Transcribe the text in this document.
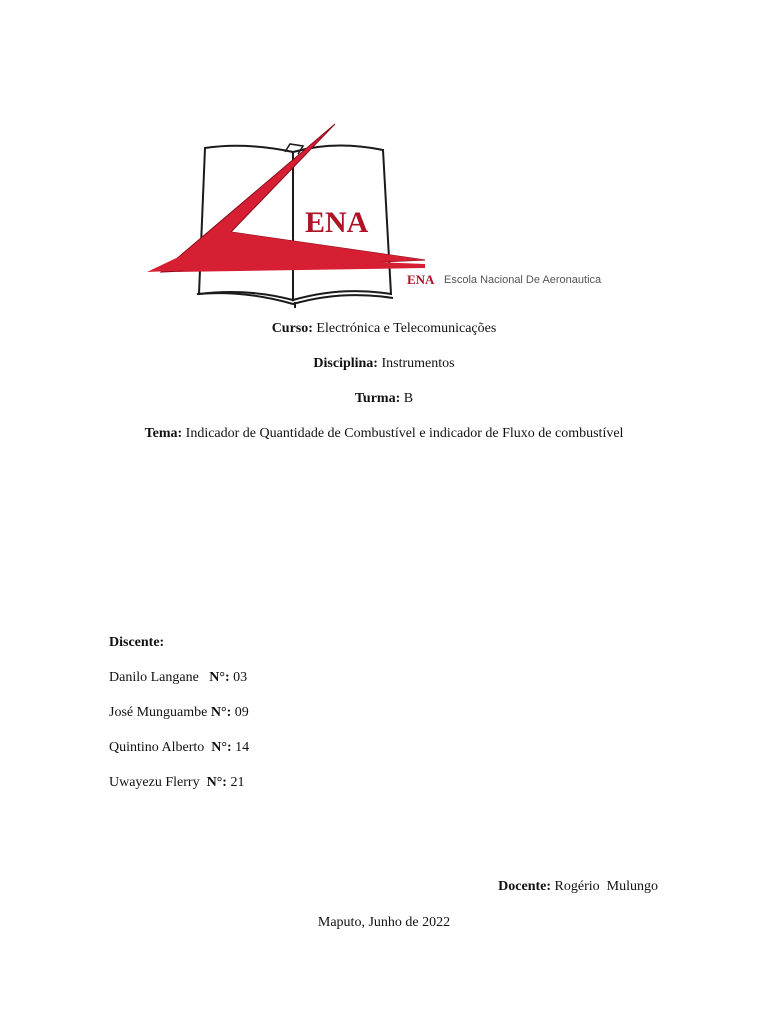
ENA
ENA Escola Nacional De Aeronautica
Curso: Electrónica e Telecomunicações
Disciplina: Instrumentos
Turma: B
Tema: Indicador de Quantidade de Combustível e indicador de Fluxo de combustível
Discente:
Danilo Langane N°: 03
José Munguambe N°: 09
Quintino Alberto N°: 14
Uwayezu Flerry N°: 21
Docente: Rogério  Mulungo
Maputo, Junho de 2022
